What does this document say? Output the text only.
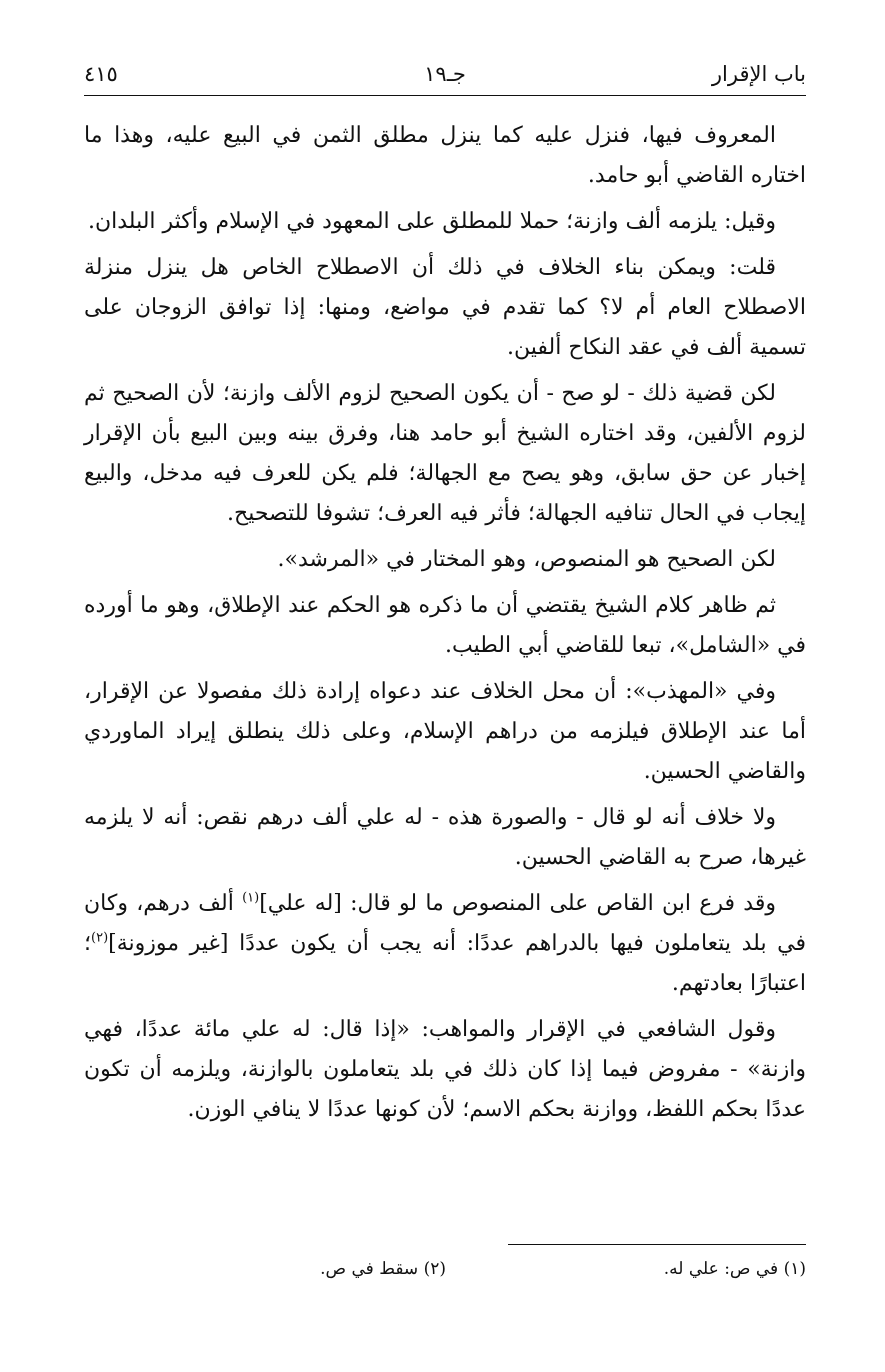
باب الإقرار
جـ١٩
٤١٥

المعروف فيها، فنزل عليه كما ينزل مطلق الثمن في البيع عليه، وهذا ما اختاره القاضي أبو حامد.

وقيل: يلزمه ألف وازنة؛ حملا للمطلق على المعهود في الإسلام وأكثر البلدان.

قلت: ويمكن بناء الخلاف في ذلك أن الاصطلاح الخاص هل ينزل منزلة الاصطلاح العام أم لا؟ كما تقدم في مواضع، ومنها: إذا توافق الزوجان على تسمية ألف في عقد النكاح ألفين.

لكن قضية ذلك - لو صح - أن يكون الصحيح لزوم الألف وازنة؛ لأن الصحيح ثم لزوم الألفين، وقد اختاره الشيخ أبو حامد هنا، وفرق بينه وبين البيع بأن الإقرار إخبار عن حق سابق، وهو يصح مع الجهالة؛ فلم يكن للعرف فيه مدخل، والبيع إيجاب في الحال تنافيه الجهالة؛ فأثر فيه العرف؛ تشوفا للتصحيح.

لكن الصحيح هو المنصوص، وهو المختار في «المرشد».

ثم ظاهر كلام الشيخ يقتضي أن ما ذكره هو الحكم عند الإطلاق، وهو ما أورده في «الشامل»، تبعا للقاضي أبي الطيب.

وفي «المهذب»: أن محل الخلاف عند دعواه إرادة ذلك مفصولا عن الإقرار، أما عند الإطلاق فيلزمه من دراهم الإسلام، وعلى ذلك ينطلق إيراد الماوردي والقاضي الحسين.

ولا خلاف أنه لو قال - والصورة هذه - له علي ألف درهم نقص: أنه لا يلزمه غيرها، صرح به القاضي الحسين.

وقد فرع ابن القاص على المنصوص ما لو قال: [له علي]$^{(١)}$ ألف درهم، وكان في بلد يتعاملون فيها بالدراهم عددًا: أنه يجب أن يكون عددًا [غير موزونة]$^{(٢)}$؛ اعتبارًا بعادتهم.

وقول الشافعي في الإقرار والمواهب: «إذا قال: له علي مائة عددًا، فهي وازنة» - مفروض فيما إذا كان ذلك في بلد يتعاملون بالوازنة، ويلزمه أن تكون عددًا بحكم اللفظ، ووازنة بحكم الاسم؛ لأن كونها عددًا لا ينافي الوزن.

(١) في ص: علي له.
(٢) سقط في ص.
